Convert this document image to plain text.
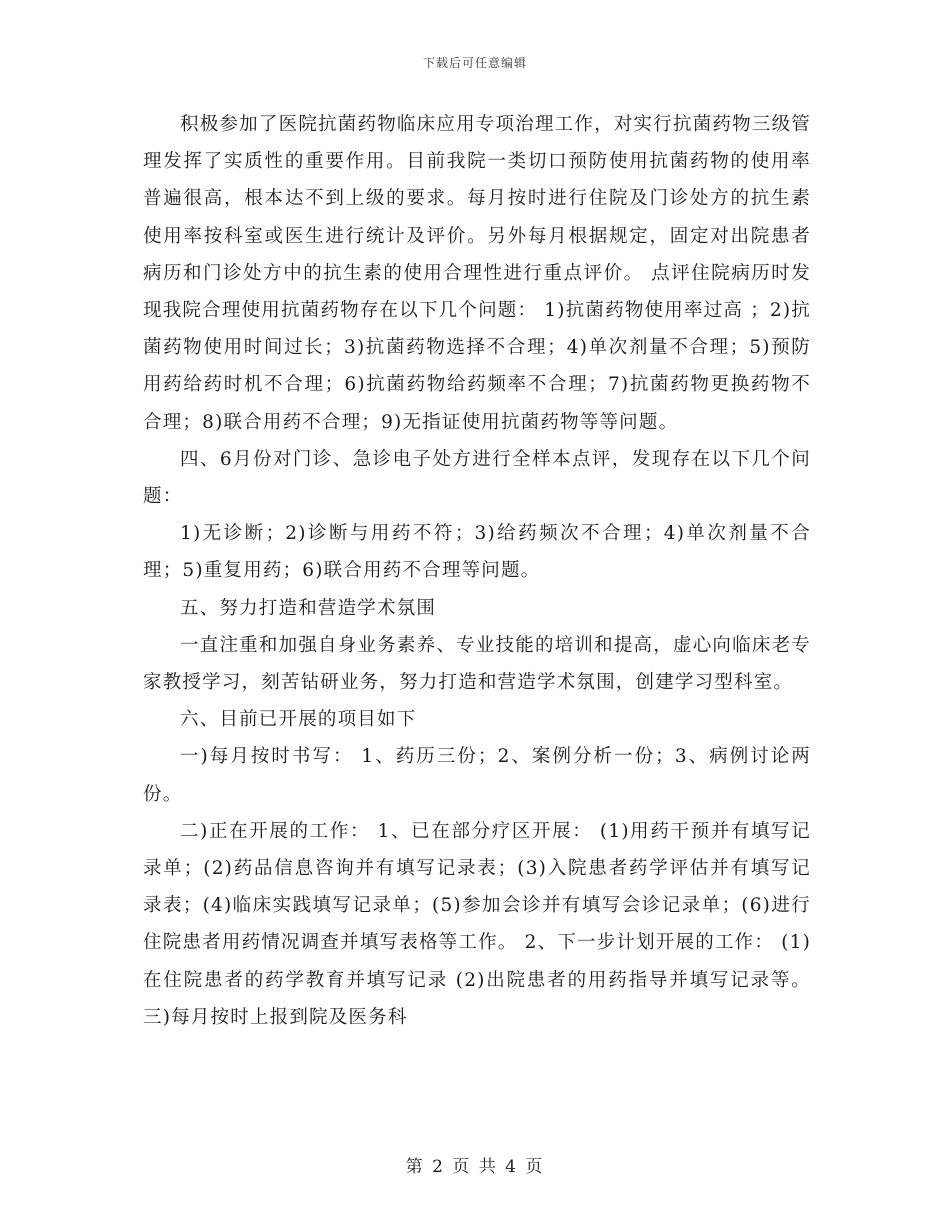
下载后可任意编辑

积极参加了医院抗菌药物临床应用专项治理工作，对实行抗菌药物三级管理发挥了实质性的重要作用。目前我院一类切口预防使用抗菌药物的使用率普遍很高，根本达不到上级的要求。每月按时进行住院及门诊处方的抗生素使用率按科室或医生进行统计及评价。另外每月根据规定，固定对出院患者病历和门诊处方中的抗生素的使用合理性进行重点评价。 点评住院病历时发现我院合理使用抗菌药物存在以下几个问题： 1)抗菌药物使用率过高 ；2)抗菌药物使用时间过长；3)抗菌药物选择不合理；4)单次剂量不合理；5)预防用药给药时机不合理；6)抗菌药物给药频率不合理；7)抗菌药物更换药物不合理；8)联合用药不合理；9)无指证使用抗菌药物等等问题。

四、6月份对门诊、急诊电子处方进行全样本点评，发现存在以下几个问题：

1)无诊断；2)诊断与用药不符；3)给药频次不合理；4)单次剂量不合理；5)重复用药；6)联合用药不合理等问题。

五、努力打造和营造学术氛围

一直注重和加强自身业务素养、专业技能的培训和提高，虚心向临床老专家教授学习，刻苦钻研业务，努力打造和营造学术氛围，创建学习型科室。

六、目前已开展的项目如下

一)每月按时书写： 1、药历三份；2、案例分析一份；3、病例讨论两份。

二)正在开展的工作： 1、已在部分疗区开展： (1)用药干预并有填写记录单；(2)药品信息咨询并有填写记录表；(3)入院患者药学评估并有填写记录表；(4)临床实践填写记录单；(5)参加会诊并有填写会诊记录单；(6)进行住院患者用药情况调查并填写表格等工作。 2、下一步计划开展的工作： (1)在住院患者的药学教育并填写记录 (2)出院患者的用药指导并填写记录等。 三)每月按时上报到院及医务科

第 2 页 共 4 页
